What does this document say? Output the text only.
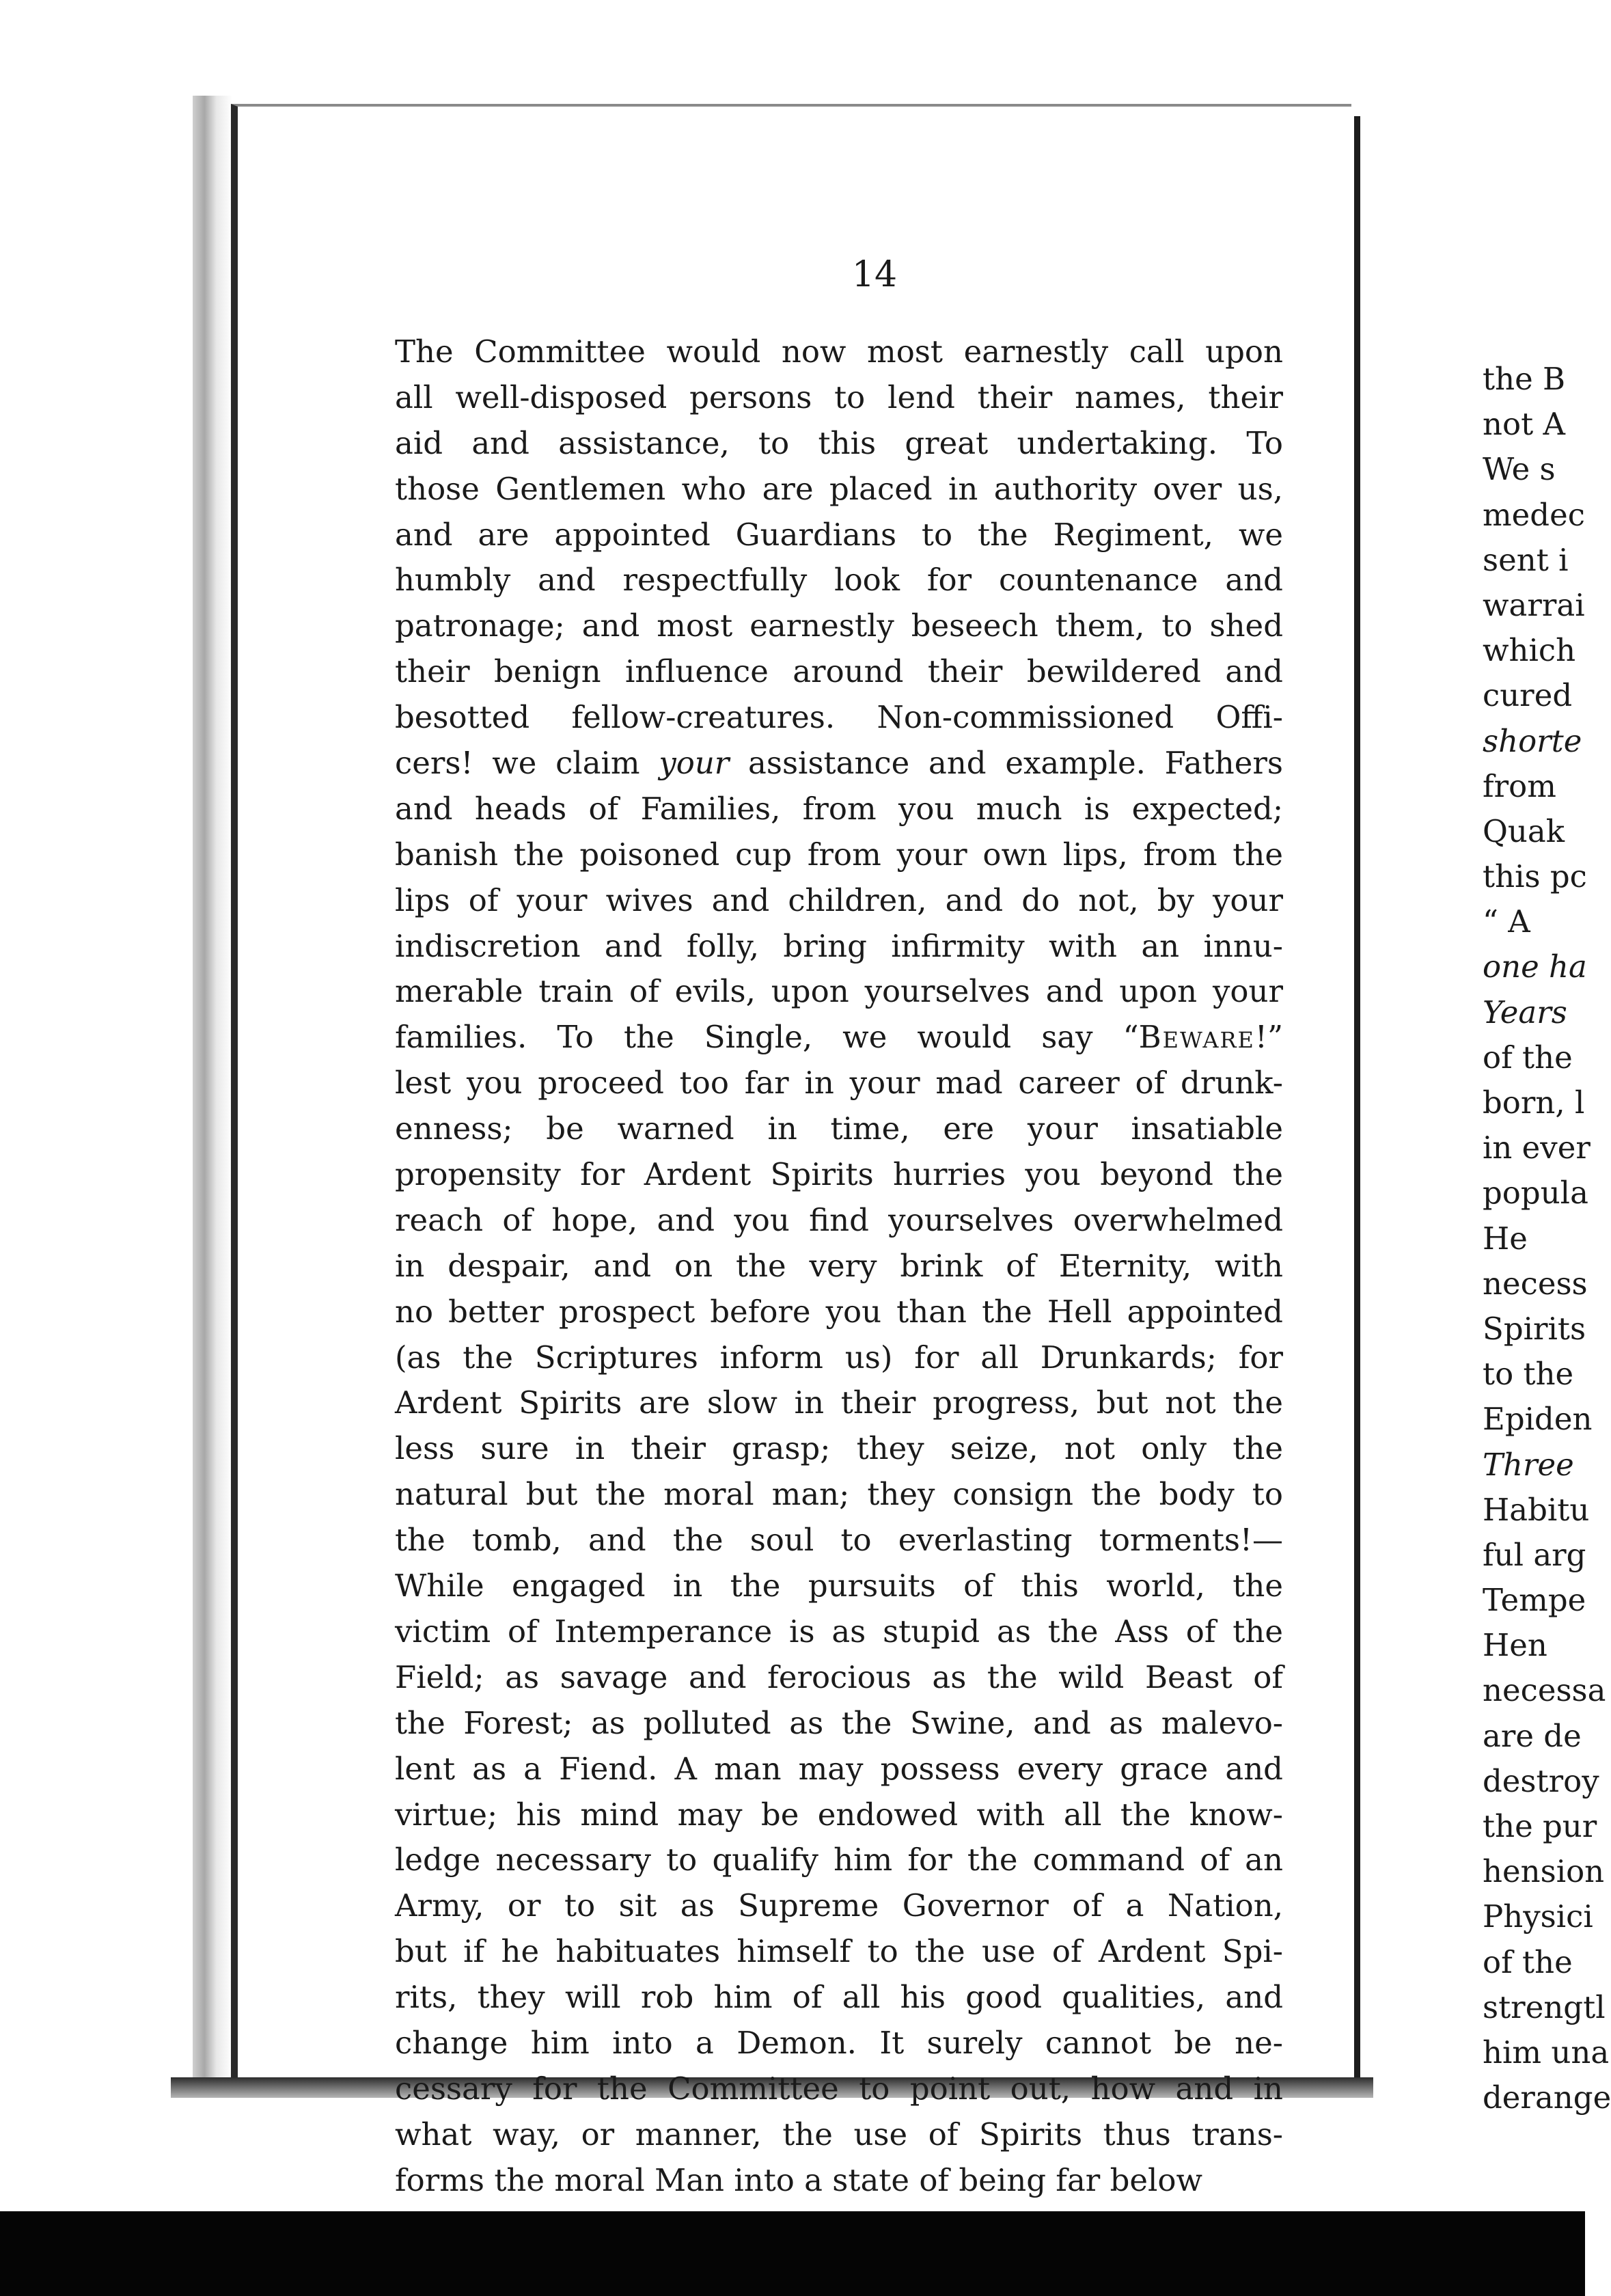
14
The Committee would now most earnestly call upon
all well-disposed persons to lend their names, their
aid and assistance, to this great undertaking. To
those Gentlemen who are placed in authority over us,
and are appointed Guardians to the Regiment, we
humbly and respectfully look for countenance and
patronage; and most earnestly beseech them, to shed
their benign influence around their bewildered and
besotted fellow-creatures. Non-commissioned Offi-
cers! we claim your assistance and example. Fathers
and heads of Families, from you much is expected;
banish the poisoned cup from your own lips, from the
lips of your wives and children, and do not, by your
indiscretion and folly, bring infirmity with an innu-
merable train of evils, upon yourselves and upon your
families. To the Single, we would say “Beware!”
lest you proceed too far in your mad career of drunk-
enness; be warned in time, ere your insatiable
propensity for Ardent Spirits hurries you beyond the
reach of hope, and you find yourselves overwhelmed
in despair, and on the very brink of Eternity, with
no better prospect before you than the Hell appointed
(as the Scriptures inform us) for all Drunkards; for
Ardent Spirits are slow in their progress, but not the
less sure in their grasp; they seize, not only the
natural but the moral man; they consign the body to
the tomb, and the soul to everlasting torments!—
While engaged in the pursuits of this world, the
victim of Intemperance is as stupid as the Ass of the
Field; as savage and ferocious as the wild Beast of
the Forest; as polluted as the Swine, and as malevo-
lent as a Fiend. A man may possess every grace and
virtue; his mind may be endowed with all the know-
ledge necessary to qualify him for the command of an
Army, or to sit as Supreme Governor of a Nation,
but if he habituates himself to the use of Ardent Spi-
rits, they will rob him of all his good qualities, and
change him into a Demon. It surely cannot be ne-
cessary for the Committee to point out, how and in
what way, or manner, the use of Spirits thus trans-
forms the moral Man into a state of being far below
the B
not A
We s
medec
sent i
warrai
which
cured
shorte
from
Quak
this pc
“ A
one ha
Years
of the
born, l
in ever
popula
He
necess
Spirits
to the
Epiden
Three
Habitu
ful arg
Tempe
Hen
necessa
are de
destroy
the pur
hension
Physici
of the
strengtl
him una
derange
